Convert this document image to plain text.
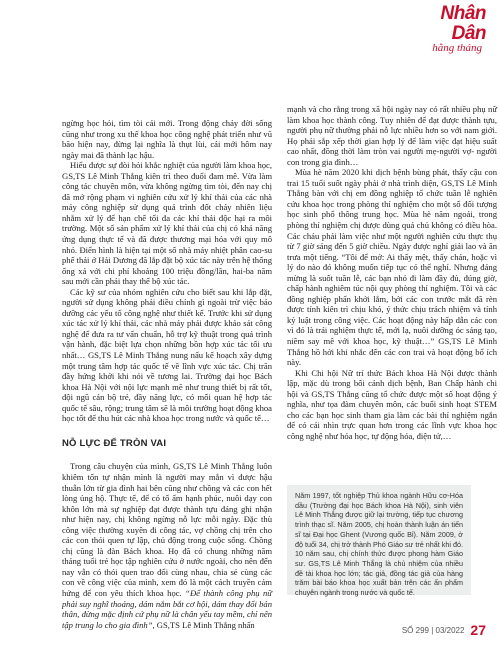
Nhân Dân
hằng tháng

ngừng học hỏi, tìm tòi cái mới. Trong động chảy đời sống cũng như trong xu thế khoa học công nghệ phát triển như vũ bão hiện nay, đừng lại nghĩa là thụt lùi, cái mới hôm nay ngày mai đã thành lạc hậu.

Hiểu được sự đòi hỏi khắc nghiệt của người làm khoa học, GS,TS Lê Minh Thắng kiên trì theo đuổi đam mê. Vừa làm công tác chuyên môn, vừa không ngừng tìm tòi, đến nay chị đã mở rộng phạm vi nghiên cứu xử lý khí thải của các nhà máy công nghiệp sử dụng quá trình đốt cháy nhiên liệu nhằm xử lý để hạn chế tối đa các khí thải độc hại ra môi trường. Một số sản phẩm xử lý khí thải của chị có khả năng ứng dụng thực tế và đã được thương mại hóa với quy mô nhỏ. Điển hình là hiện tại một số nhà máy nhiệt phân cao-su phế thải ở Hải Dương đã lắp đặt bộ xúc tác này trên hệ thống ống xả với chi phí khoảng 100 triệu đồng/lần, hai-ba năm sau mới cần phải thay thế bộ xúc tác.

Các kỹ sư của nhóm nghiên cứu cho biết sau khi lắp đặt, người sử dụng không phải điều chỉnh gì ngoài trừ việc bảo dưỡng các yếu tố công nghệ như thiết kế. Trước khi sử dụng xúc tác xử lý khí thải, các nhà máy phải được khảo sát công nghệ để đưa ra tư vấn chuẩn, hỗ trợ kỹ thuật trong quá trình vận hành, đặc biệt lựa chọn những bồn hợp xúc tác tối ưu nhất… GS,TS Lê Minh Thắng nung nấu kế hoạch xây dựng một trung tâm hợp tác quốc tế về lĩnh vực xúc tác. Chị trăn đầy hứng khởi khi nói về tương lai. Trường đại học Bách khoa Hà Nội với nội lực mạnh mẽ như trung thiết bị rất tốt, đội ngũ cán bộ trẻ, đầy năng lực, có mối quan hệ hợp tác quốc tế sâu, rộng; trung tâm sẽ là môi trường hoạt động khoa học tốt để thu hút các nhà khoa học trong nước và quốc tế…

NỖ LỰC ĐỂ TRÒN VAI

Trong câu chuyện của mình, GS,TS Lê Minh Thắng luôn khiêm tốn tự nhận mình là người may mắn vì được hậu thuẫn lớn từ gia đình hai bên cũng như chồng và các con hết lòng ủng hộ. Thực tế, để có tố ấm hạnh phúc, nuôi dạy con khôn lớn mà sự nghiệp đạt được thành tựu đáng ghi nhận như hiện nay, chị không ngừng nỗ lực mỗi ngày. Đặc thù công việc thường xuyên đi công tác, vợ chồng chị trên cho các con thói quen tự lập, chủ động trong cuộc sống. Chồng chị cũng là đàn Bách khoa. Họ đã có chung những năm tháng tuổi trẻ học tập nghiên cứu ở nước ngoài, cho nên đến nay vẫn có thói quen trao đổi cùng nhau, chia sẻ cùng các con về công việc của mình, xem đó là một cách truyền cảm hứng để con yêu thích khoa học. “Để thành công phụ nữ phải suy nghĩ thoáng, dám nắm bắt cơ hội, dám thay đổi bản thân, đừng mặc định cứ phụ nữ là chân yếu tay mềm, chỉ nên tập trung lo cho gia đình”, GS,TS Lê Minh Thắng nhấn

mạnh và cho rằng trong xã hội ngày nay có rất nhiều phụ nữ làm khoa học thành công. Tuy nhiên để đạt được thành tựu, người phụ nữ thường phải nỗ lực nhiều hơn so với nam giới. Họ phải sắp xếp thời gian hợp lý để làm việc đạt hiệu suất cao nhất, đồng thời làm tròn vai người mẹ-người vợ- người con trong gia đình…

Mùa hè năm 2020 khi dịch bệnh bùng phát, thấy cậu con trai 15 tuổi suốt ngày phải ở nhà trình diện, GS,TS Lê Minh Thắng bàn với chị em đồng nghiệp tổ chức tuần lễ nghiên cứu khoa học trong phòng thí nghiệm cho một số đối tượng học sinh phổ thông trung học. Mùa hè năm ngoái, trong phòng thí nghiệm chị được dùng quá chủ không có điều hòa. Các cháu phải làm việc như một người nghiên cứu thực thụ từ 7 giờ sáng đến 5 giờ chiều. Ngày được nghỉ giải lao và ăn trưa một tiếng. “Tôi để mở: Ai thấy mệt, thấy chán, hoặc vì lý do nào đó không muốn tiếp tục có thể nghỉ. Nhưng đáng mừng là suốt tuần lễ, các bạn nhỏ đi làm đầy đủ, đúng giờ, chấp hành nghiêm túc nội quy phòng thí nghiệm. Tôi và các đồng nghiệp phấn khởi lắm, bởi các con trước mắt đã rèn được tính kiên trì chịu khó, ý thức chịu trách nhiệm và tính kỷ luật trong công việc. Các hoạt động này hấp dẫn các con vì đó là trải nghiệm thực tế, mới lạ, nuôi dưỡng óc sáng tạo, niềm say mê với khoa học, kỹ thuật…” GS,TS Lê Minh Thắng hồ hởi khi nhắc đến các con trai và hoạt động bổ ích này.

Khi Chi hội Nữ trí thức Bách khoa Hà Nội được thành lập, mặc dù trong bối cảnh dịch bệnh, Ban Chấp hành chi hội và GS,TS Thắng cũng tổ chức được một số hoạt động ý nghĩa, như tọa đàm chuyên môn, các buổi sinh hoạt STEM cho các bạn học sinh tham gia làm các bài thí nghiệm ngắn để có cái nhìn trực quan hơn trong các lĩnh vực khoa học công nghệ như hóa học, tự động hóa, điện tử,…

Năm 1997, tốt nghiệp Thủ khoa ngành Hữu cơ-Hóa dầu (Trường đại học Bách khoa Hà Nội), sinh viên Lê Minh Thắng được giữ lại trường, tiếp tục chương trình thạc sĩ. Năm 2005, chị hoàn thành luận án tiến sĩ tại Đại học Ghent (Vương quốc Bỉ). Năm 2009, ở độ tuổi 34, chị trở thành Phó Giáo sư trẻ nhất khi đó. 10 năm sau, chị chính thức được phong hàm Giáo sư. GS,TS Lê Minh Thắng là chủ nhiệm của nhiều đề tài khoa học lớn; tác giả, đồng tác giả của hàng trăm bài báo khoa học xuất bản trên các ấn phẩm chuyên ngành trong nước và quốc tế.
SỐ 299 | 03/2022 27
